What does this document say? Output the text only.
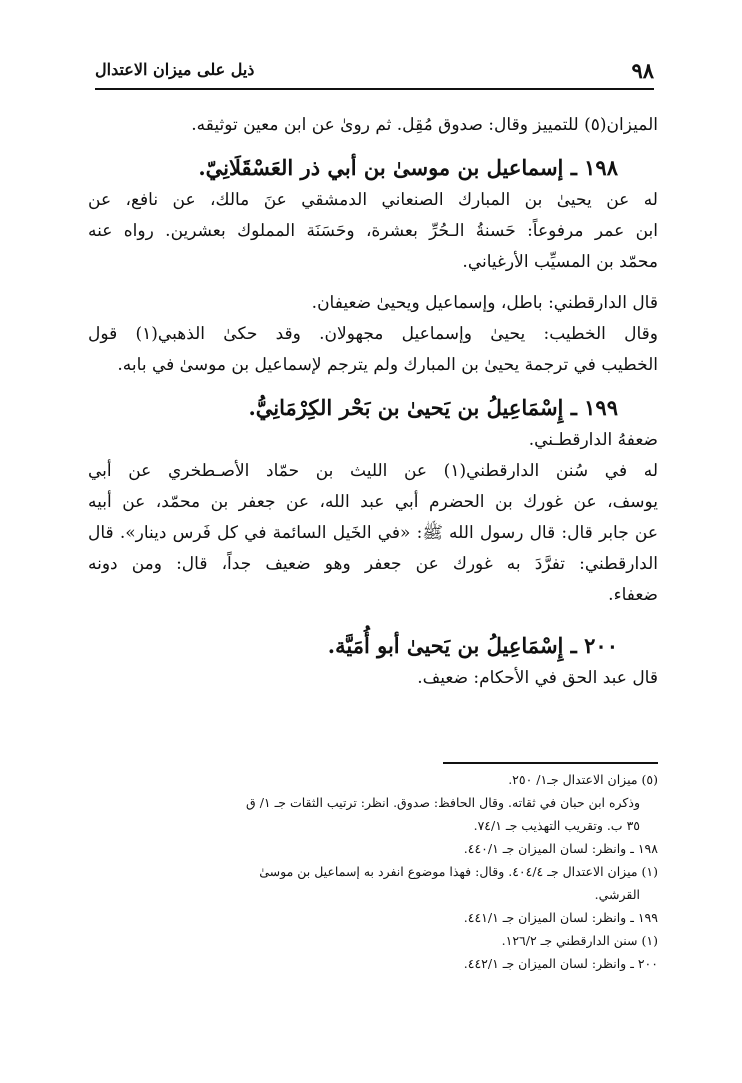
٩٨
ذيل على ميزان الاعتدال

الميزان(٥) للتمييز وقال: صدوق مُقِل. ثم روىٰ عن ابن معين توثيقه.

١٩٨ ـ إسماعيل بن موسىٰ بن أبي ذر العَسْقَلَانِيّ.

له عن يحيىٰ بن المبارك الصنعاني الدمشقي عنَ مالك، عن نافع، عن

ابن عمر مرفوعاً: حَسنةُ الـحُرِّ بعشرة، وحَسَنَة المملوك بعشرين. رواه عنه

محمّد بن المسيِّب الأرغياني.

قال الدارقطني: باطل، وإسماعيل ويحيىٰ ضعيفان.

وقال الخطيب: يحيىٰ وإسماعيل مجهولان. وقد حكىٰ الذهبي(١) قول

الخطيب في ترجمة يحيىٰ بن المبارك ولم يترجم لإسماعيل بن موسىٰ في بابه.

١٩٩ ـ إِسْمَاعِيلُ بن يَحيىٰ بن بَحْر الكِرْمَانِيُّ.

ضعفهُ الدارقطـني.

له في سُنن الدارقطني(١) عن الليث بن حمّاد الأصـطخري عن أبي

يوسف، عن غورك بن الحضرم أبي عبد الله، عن جعفر بن محمّد، عن أبيه

عن جابر قال: قال رسول الله ﷺ: «في الخَيل السائمة في كل فَرس دينار». قال

الدارقطني: تفرَّدَ به غورك عن جعفر وهو ضعيف جداً، قال: ومن دونه

ضعفاء.

٢٠٠ ـ إِسْمَاعِيلُ بن يَحيىٰ أبو أُمَيَّة.

قال عبد الحق في الأحكام: ضعيف.

(٥) ميزان الاعتدال جـ١/ ٢٥٠.

وذكره ابن حبان في ثقاته. وقال الحافظ: صدوق. انظر: ترتيب الثقات جـ ١/ ق

٣٥ ب. وتقريب التهذيب جـ ٧٤/١.

١٩٨ ـ وانظر: لسان الميزان جـ ٤٤٠/١.

(١) ميزان الاعتدال جـ ٤٠٤/٤. وقال: فهذا موضوع انفرد به إسماعيل بن موسىٰ

القرشي.

١٩٩ ـ وانظر: لسان الميزان جـ ٤٤١/١.

(١) سنن الدارقطني جـ ١٢٦/٢.

٢٠٠ ـ وانظر: لسان الميزان جـ ٤٤٢/١.
